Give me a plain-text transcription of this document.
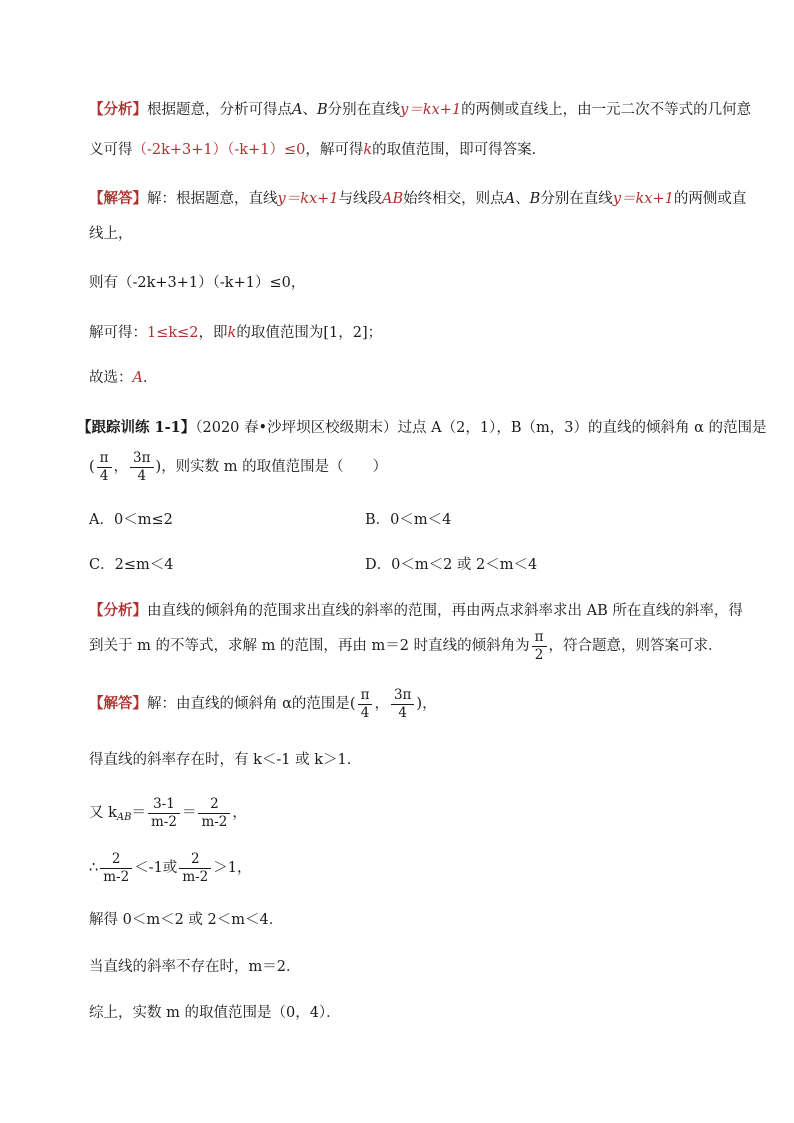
【分析】根据题意，分析可得点A、B分别在直线y＝kx+1的两侧或直线上，由一元二次不等式的几何意
义可得（-2k+3+1）（-k+1）≤0，解可得k的取值范围，即可得答案．
【解答】解：根据题意，直线y＝kx+1与线段AB始终相交，则点A、B分别在直线y＝kx+1的两侧或直
线上，
则有（-2k+3+1）（-k+1）≤0，
解可得：1≤k≤2，即k的取值范围为[1，2]；
故选：A．
【跟踪训练 1-1】（2020 春•沙坪坝区校级期末）过点 A（2，1），B（m，3）的直线的倾斜角 α 的范围是
( $\frac{\pi}{4}$ ， $\frac{3\pi}{4}$ )，则实数 m 的取值范围是（　　）
A．0＜m≤2	B．0＜m＜4
C．2≤m＜4	D．0＜m＜2 或 2＜m＜4
【分析】由直线的倾斜角的范围求出直线的斜率的范围，再由两点求斜率求出 AB 所在直线的斜率，得
到关于 m 的不等式，求解 m 的范围，再由 m＝2 时直线的倾斜角为 $\frac{\pi}{2}$ ，符合题意，则答案可求．
【解答】解：由直线的倾斜角 α的范围是( $\frac{\pi}{4}$ ， $\frac{3\pi}{4}$ )，
得直线的斜率存在时，有 k＜-1 或 k＞1．
又 $k_{AB}= \frac{3-1}{m-2} = \frac{2}{m-2}$ ，
∴ $\frac{2}{m-2} <-1$或 $\frac{2}{m-2} >1$，
解得 0＜m＜2 或 2＜m＜4．
当直线的斜率不存在时，m＝2．
综上，实数 m 的取值范围是（0，4）．
